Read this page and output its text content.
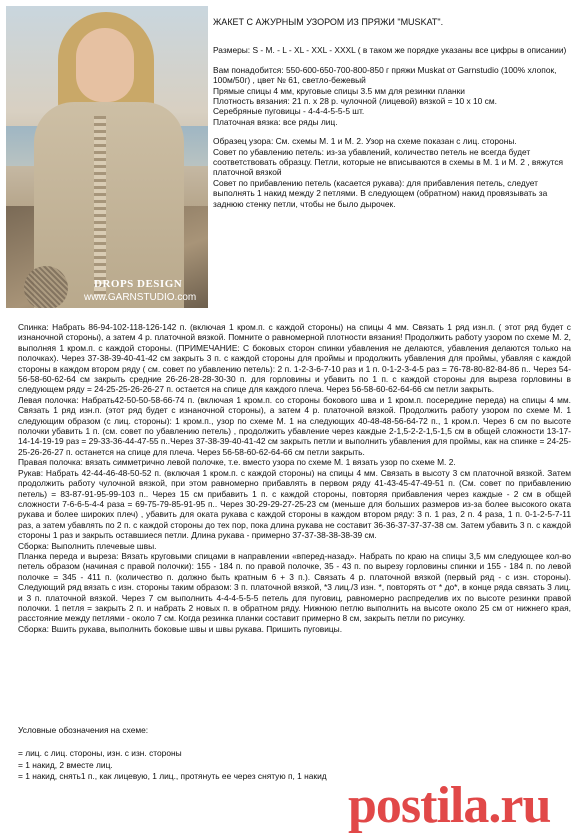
DROPS DESIGN
www.GARNSTUDIO.com

ЖАКЕТ С АЖУРНЫМ УЗОРОМ ИЗ ПРЯЖИ "MUSKAT".

Размеры: S - M. - L - XL - XXL - XXXL ( в таком же порядке указаны все цифры в описании)

Вам понадобится: 550-600-650-700-800-850 г пряжи Muskat от Garnstudio (100% хлопок, 100м/50г) , цвет № 61, светло-бежевый

Прямые спицы 4 мм, круговые спицы 3.5 мм для резинки планки

Плотность вязания: 21 п. х 28 р. чулочной (лицевой) вязкой = 10 х 10 см.

Серебряные пуговицы - 4-4-4-5-5-5 шт.

Платочная вязка: все ряды лиц.

Образец узора: См. схемы М. 1 и М. 2. Узор на схеме показан с лиц. стороны.

Совет по убавлению петель: из-за убавлений, количество петель не всегда будет соответствовать образцу. Петли, которые не вписываются в схемы в М. 1 и М. 2 , вяжутся платочной вязкой

Совет по прибавлению петель (касается рукава): для прибавления петель, следует выполнять 1 накид между 2 петлями. В следующем (обратном) накид провязывать за заднюю стенку петли, чтобы не было дырочек.

Спинка: Набрать 86-94-102-118-126-142 п. (включая 1 кром.п. с каждой стороны) на спицы 4 мм. Связать 1 ряд изн.п. ( этот ряд будет с изнаночной стороны), а затем 4 р. платочной вязкой. Помните о равномерной плотности вязания! Продолжить работу узором по схеме М. 2, выполняя 1 кром.п. с каждой стороны. (ПРИМЕЧАНИЕ: С боковых сторон спинки убавления не делаются, убавления делаются только на полочках). Через 37-38-39-40-41-42 см закрыть 3 п. с каждой стороны для проймы и продолжить убавления для проймы, убавляя с каждой стороны в каждом втором ряду ( см. совет по убавлению петель): 2 п. 1-2-3-6-7-10 раз и 1 п. 0-1-2-3-4-5 раз = 76-78-80-82-84-86 п.. Через 54-56-58-60-62-64 см закрыть средние 26-26-28-28-30-30 п. для горловины и убавить по 1 п. с каждой стороны для выреза горловины в следующем ряду = 24-25-25-26-26-27 п. остается на спице для каждого плеча. Через 56-58-60-62-64-66 см петли закрыть.

Левая полочка: Набрать42-50-50-58-66-74 п. (включая 1 кром.п. со стороны бокового шва и 1 кром.п. посередине переда) на спицы 4 мм. Связать 1 ряд изн.п. (этот ряд будет с изнаночной стороны), а затем 4 р. платочной вязкой. Продолжить работу узором по схеме М. 1 следующим образом (с лиц. стороны): 1 кром.п., узор по схеме М. 1 на следующих 40-48-48-56-64-72 п., 1 кром.п. Через 6 см по высоте полочки убавить 1 п. (см. совет по убавлению петель) , продолжить убавление через каждые 2-1,5-2-2-1,5-1,5 см в общей сложности 13-17-14-14-19-19 раз = 29-33-36-44-47-55 п..Через 37-38-39-40-41-42 см закрыть петли и выполнить убавления для проймы, как на спинке = 24-25-25-26-26-27 п. останется на спице для плеча. Через 56-58-60-62-64-66 см петли закрыть.

Правая полочка: вязать симметрично левой полочке, т.е. вместо узора по схеме М. 1 вязать узор по схеме М. 2.

Рукав: Набрать 42-44-46-48-50-52 п. (включая 1 кром.п. с каждой стороны) на спицы 4 мм. Связать в высоту 3 см платочной вязкой. Затем продолжить работу чулочной вязкой, при этом равномерно прибавлять в первом ряду 41-43-45-47-49-51 п. (См. совет по прибавлению петель) = 83-87-91-95-99-103 п.. Через 15 см прибавить 1 п. с каждой стороны, повторяя прибавления через каждые - 2 см в общей сложности 7-6-6-5-4-4 раза = 69-75-79-85-91-95 п.. Через 30-29-29-27-25-23 см (меньше для больших размеров из-за более высокого оката рукава и более широких плеч) , убавить для оката рукава с каждой стороны в каждом втором ряду: 3 п. 1 раз, 2 п. 4 раза, 1 п. 0-1-2-5-7-11 раз, а затем убавлять по 2 п. с каждой стороны до тех пор, пока длина рукава не составит 36-36-37-37-37-38 см. Затем убавить 3 п. с каждой стороны 1 раз и закрыть оставшиеся петли. Длина рукава - примерно 37-37-38-38-38-39 см.

Сборка: Выполнить плечевые швы.

Планка переда и выреза: Вязать круговыми спицами в направлении «вперед-назад». Набрать по краю на спицы 3,5 мм следующее кол-во петель образом (начиная с правой полочки): 155 - 184 п. по правой полочке, 35 - 43 п. по вырезу горловины спинки и 155 - 184 п. по левой полочке = 345 - 411 п. (количество п. должно быть кратным 6 + 3 п.). Связать 4 р. платочной вязкой (первый ряд - с изн. стороны). Следующий ряд вязать с изн. стороны таким образом: 3 п. платочной вязкой, *3 лиц./3 изн. *, повторять от * до*, в конце ряда связать 3 лиц. и 3 п. платочной вязкой. Через 7 см выполнить 4-4-4-5-5-5 петель для пуговиц, равномерно распределив их по высоте резинки правой полочки. 1 петля = закрыть 2 п. и набрать 2 новых п. в обратном ряду. Нижнюю петлю выполнить на высоте около 25 см от нижнего края, расстояние между петлями - около 7 см. Когда резинка планки составит примерно 8 см, закрыть петли по рисунку.

Сборка: Вшить рукава, выполнить боковые швы и швы рукава. Пришить пуговицы.

Условные обозначения на схеме:

= лиц. с лиц. стороны, изн. с изн. стороны

= 1 накид, 2 вместе лиц.

= 1 накид, снять1 п., как лицевую, 1 лиц., протянуть ее через снятую п, 1 накид

postila.ru
